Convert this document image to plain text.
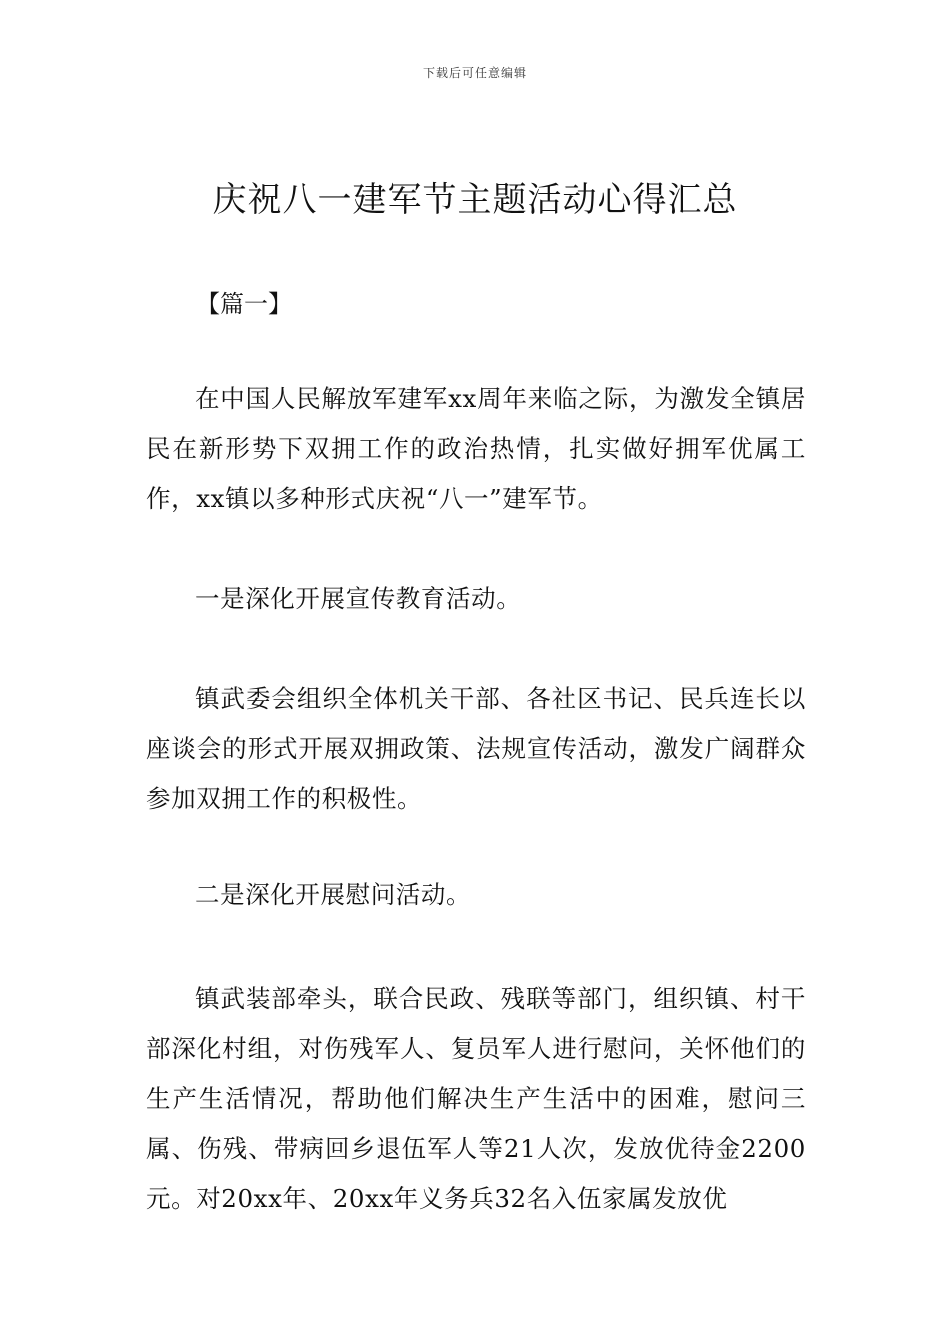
下载后可任意编辑
庆祝八一建军节主题活动心得汇总
【篇一】

在中国人民解放军建军xx周年来临之际，为激发全镇居民在新形势下双拥工作的政治热情，扎实做好拥军优属工作，xx镇以多种形式庆祝“八一”建军节。

一是深化开展宣传教育活动。

镇武委会组织全体机关干部、各社区书记、民兵连长以座谈会的形式开展双拥政策、法规宣传活动，激发广阔群众参加双拥工作的积极性。

二是深化开展慰问活动。

镇武装部牵头，联合民政、残联等部门，组织镇、村干部深化村组，对伤残军人、复员军人进行慰问，关怀他们的生产生活情况，帮助他们解决生产生活中的困难，慰问三属、伤残、带病回乡退伍军人等21人次，发放优待金2200元。对20xx年、20xx年义务兵32名入伍家属发放优
